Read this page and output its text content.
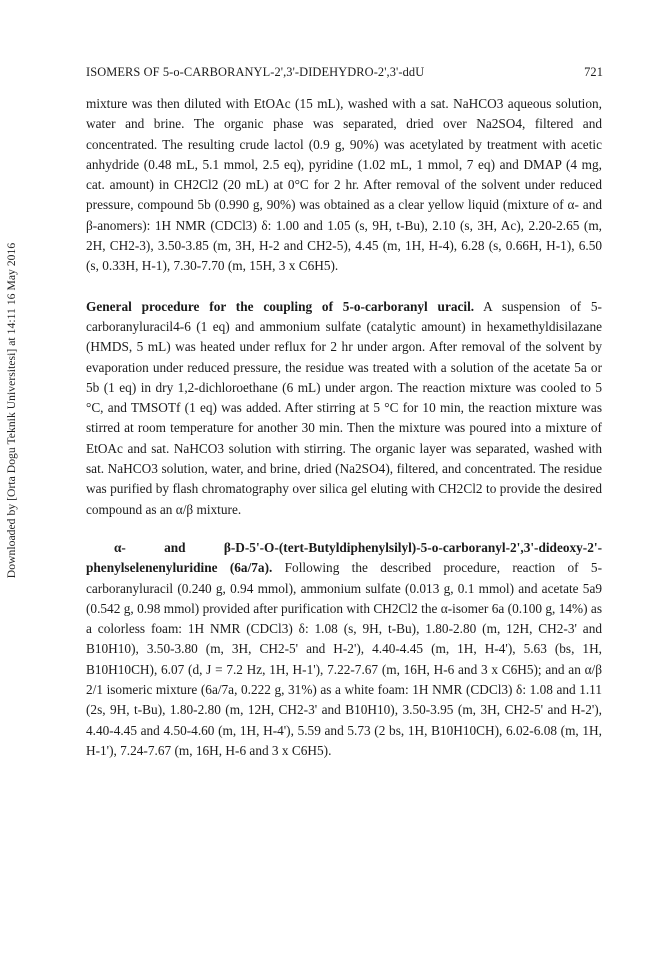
Downloaded by [Orta Dogu Teknik Universitesi] at 14:11 16 May 2016
ISOMERS OF 5-o-CARBORANYL-2',3'-DIDEHYDRO-2',3'-ddU	721

mixture was then diluted with EtOAc (15 mL), washed with a sat. NaHCO3 aqueous solution, water and brine. The organic phase was separated, dried over Na2SO4, filtered and concentrated. The resulting crude lactol (0.9 g, 90%) was acetylated by treatment with acetic anhydride (0.48 mL, 5.1 mmol, 2.5 eq), pyridine (1.02 mL, 1 mmol, 7 eq) and DMAP (4 mg, cat. amount) in CH2Cl2 (20 mL) at 0°C for 2 hr. After removal of the solvent under reduced pressure, compound 5b (0.990 g, 90%) was obtained as a clear yellow liquid (mixture of α- and β-anomers): 1H NMR (CDCl3) δ: 1.00 and 1.05 (s, 9H, t-Bu), 2.10 (s, 3H, Ac), 2.20-2.65 (m, 2H, CH2-3), 3.50-3.85 (m, 3H, H-2 and CH2-5), 4.45 (m, 1H, H-4), 6.28 (s, 0.66H, H-1), 6.50 (s, 0.33H, H-1), 7.30-7.70 (m, 15H, 3 x C6H5).

General procedure for the coupling of 5-o-carboranyl uracil. A suspension of 5-carboranyluracil4-6 (1 eq) and ammonium sulfate (catalytic amount) in hexamethyldisilazane (HMDS, 5 mL) was heated under reflux for 2 hr under argon. After removal of the solvent by evaporation under reduced pressure, the residue was treated with a solution of the acetate 5a or 5b (1 eq) in dry 1,2-dichloroethane (6 mL) under argon. The reaction mixture was cooled to 5 °C, and TMSOTf (1 eq) was added. After stirring at 5 °C for 10 min, the reaction mixture was stirred at room temperature for another 30 min. Then the mixture was poured into a mixture of EtOAc and sat. NaHCO3 solution with stirring. The organic layer was separated, washed with sat. NaHCO3 solution, water, and brine, dried (Na2SO4), filtered, and concentrated. The residue was purified by flash chromatography over silica gel eluting with CH2Cl2 to provide the desired compound as an α/β mixture.

α- and β-D-5'-O-(tert-Butyldiphenylsilyl)-5-o-carboranyl-2',3'-dideoxy-2'-phenylselenenyluridine (6a/7a). Following the described procedure, reaction of 5-carboranyluracil (0.240 g, 0.94 mmol), ammonium sulfate (0.013 g, 0.1 mmol) and acetate 5a9 (0.542 g, 0.98 mmol) provided after purification with CH2Cl2 the α-isomer 6a (0.100 g, 14%) as a colorless foam: 1H NMR (CDCl3) δ: 1.08 (s, 9H, t-Bu), 1.80-2.80 (m, 12H, CH2-3' and B10H10), 3.50-3.80 (m, 3H, CH2-5' and H-2'), 4.40-4.45 (m, 1H, H-4'), 5.63 (bs, 1H, B10H10CH), 6.07 (d, J = 7.2 Hz, 1H, H-1'), 7.22-7.67 (m, 16H, H-6 and 3 x C6H5); and an α/β 2/1 isomeric mixture (6a/7a, 0.222 g, 31%) as a white foam: 1H NMR (CDCl3) δ: 1.08 and 1.11 (2s, 9H, t-Bu), 1.80-2.80 (m, 12H, CH2-3' and B10H10), 3.50-3.95 (m, 3H, CH2-5' and H-2'), 4.40-4.45 and 4.50-4.60 (m, 1H, H-4'), 5.59 and 5.73 (2 bs, 1H, B10H10CH), 6.02-6.08 (m, 1H, H-1'), 7.24-7.67 (m, 16H, H-6 and 3 x C6H5).
